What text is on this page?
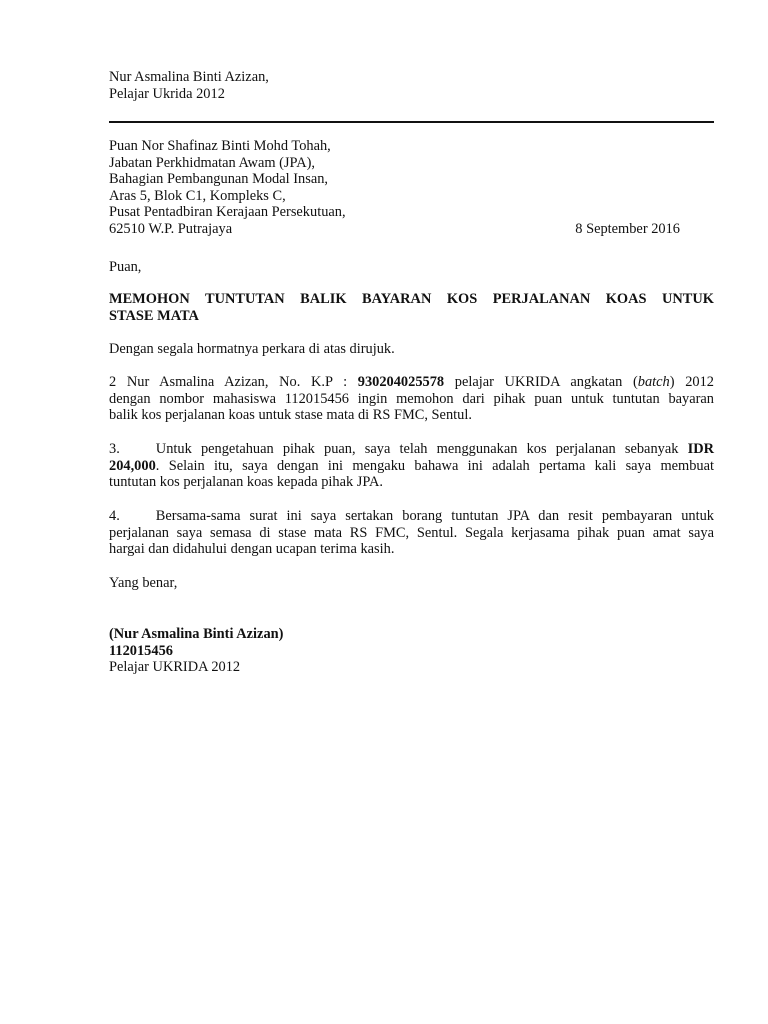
Nur Asmalina Binti Azizan,
Pelajar Ukrida 2012
Puan Nor Shafinaz Binti Mohd Tohah,
Jabatan Perkhidmatan Awam (JPA),
Bahagian Pembangunan Modal Insan,
Aras 5, Blok C1, Kompleks C,
Pusat Pentadbiran Kerajaan Persekutuan,
62510 W.P. Putrajaya	8 September 2016
Puan,
MEMOHON TUNTUTAN BALIK BAYARAN KOS PERJALANAN KOAS UNTUK
STASE MATA
Dengan segala hormatnya perkara di atas dirujuk.
2 Nur Asmalina Azizan, No. K.P : 930204025578 pelajar UKRIDA angkatan (batch) 2012
dengan nombor mahasiswa 112015456 ingin memohon dari pihak puan untuk tuntutan bayaran
balik kos perjalanan koas untuk stase mata di RS FMC, Sentul.
3.	Untuk pengetahuan pihak puan, saya telah menggunakan kos perjalanan sebanyak IDR
204,000. Selain itu, saya dengan ini mengaku bahawa ini adalah pertama kali saya membuat
tuntutan kos perjalanan koas kepada pihak JPA.
4.	Bersama-sama surat ini saya sertakan borang tuntutan JPA dan resit pembayaran untuk
perjalanan saya semasa di stase mata RS FMC, Sentul. Segala kerjasama pihak puan amat saya
hargai dan didahului dengan ucapan terima kasih.
Yang benar,
(Nur Asmalina Binti Azizan)
112015456
Pelajar UKRIDA 2012
